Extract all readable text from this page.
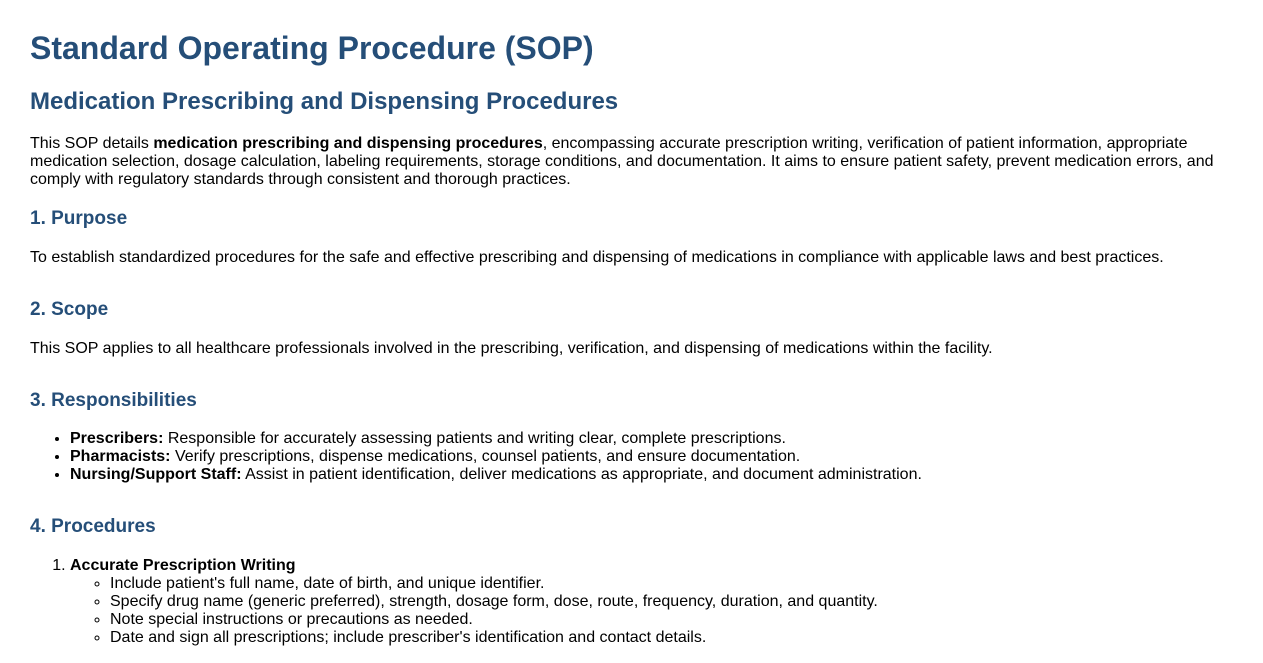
Standard Operating Procedure (SOP)
Medication Prescribing and Dispensing Procedures

This SOP details medication prescribing and dispensing procedures, encompassing accurate prescription writing, verification of patient information, appropriate medication selection, dosage calculation, labeling requirements, storage conditions, and documentation. It aims to ensure patient safety, prevent medication errors, and comply with regulatory standards through consistent and thorough practices.

1. Purpose

To establish standardized procedures for the safe and effective prescribing and dispensing of medications in compliance with applicable laws and best practices.

2. Scope

This SOP applies to all healthcare professionals involved in the prescribing, verification, and dispensing of medications within the facility.

3. Responsibilities
• Prescribers: Responsible for accurately assessing patients and writing clear, complete prescriptions.
• Pharmacists: Verify prescriptions, dispense medications, counsel patients, and ensure documentation.
• Nursing/Support Staff: Assist in patient identification, deliver medications as appropriate, and document administration.
4. Procedures
1. Accurate Prescription Writing
◦ Include patient's full name, date of birth, and unique identifier.
◦ Specify drug name (generic preferred), strength, dosage form, dose, route, frequency, duration, and quantity.
◦ Note special instructions or precautions as needed.
◦ Date and sign all prescriptions; include prescriber's identification and contact details.
